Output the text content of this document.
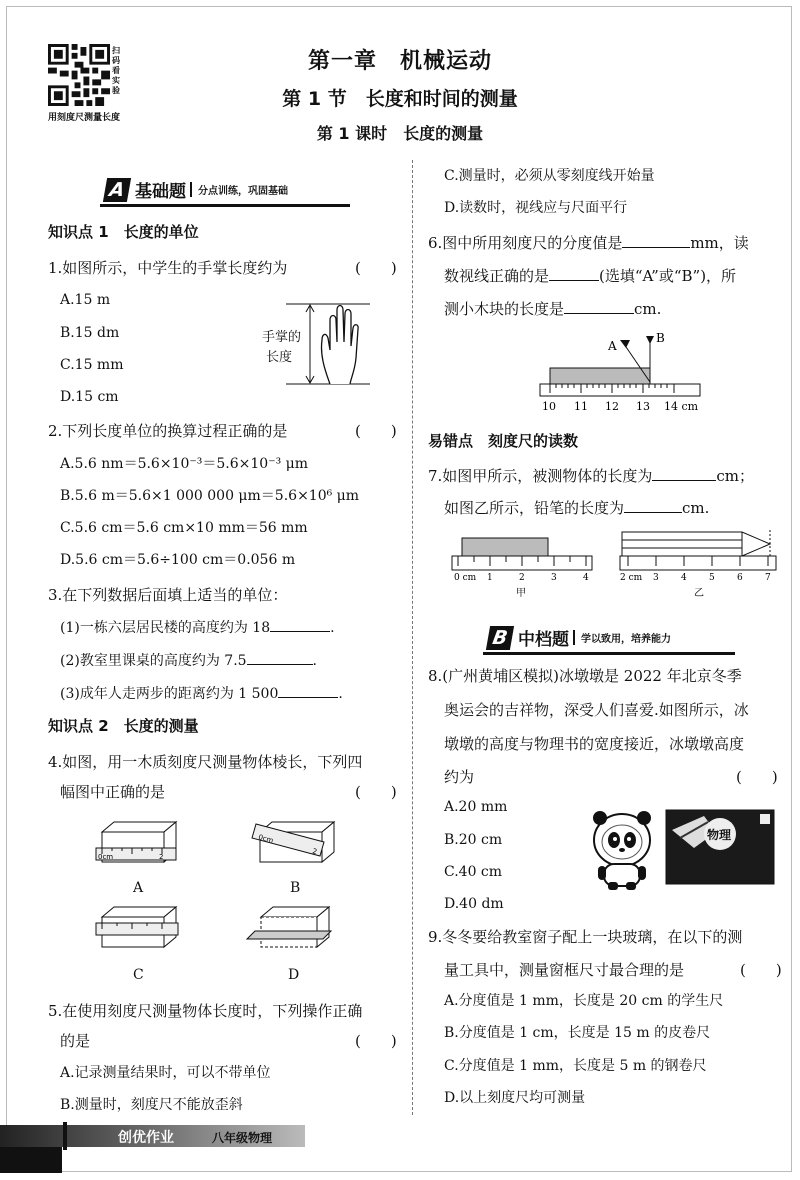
扫码看实验
用刻度尺测量长度
第一章　机械运动
第 1 节　长度和时间的测量
第 1 课时　长度的测量
A 基础题	分点训练，巩固基础
知识点 1　长度的单位
1.如图所示，中学生的手掌长度约为	(　　)
A.15 m
B.15 dm
C.15 mm
D.15 cm
手掌的
长度
2.下列长度单位的换算过程正确的是	(　　)
A.5.6 nm＝5.6×10⁻³＝5.6×10⁻³ μm
B.5.6 m＝5.6×1 000 000 μm＝5.6×10⁶ μm
C.5.6 cm＝5.6 cm×10 mm＝56 mm
D.5.6 cm＝5.6÷100 cm＝0.056 m
3.在下列数据后面填上适当的单位：
(1)一栋六层居民楼的高度约为 18	.
(2)教室里课桌的高度约为 7.5	.
(3)成年人走两步的距离约为 1 500	.
知识点 2　长度的测量
4.如图，用一木质刻度尺测量物体棱长，下列四
幅图中正确的是	(　　)
0cm	2
A
0cm
2
B
C	D
5.在使用刻度尺测量物体长度时，下列操作正确
的是	(　　)
A.记录测量结果时，可以不带单位
B.测量时，刻度尺不能放歪斜
C.测量时，必须从零刻度线开始量
D.读数时，视线应与尺面平行
6.图中所用刻度尺的分度值是	mm，读
数视线正确的是	(选填“A”或“B”)，所
测小木块的长度是	cm.
A
B
10 11 12 13 14 cm
易错点　刻度尺的读数
7.如图甲所示，被测物体的长度为	cm；
如图乙所示，铅笔的长度为	cm.
0 cm 1	2	3	4
甲
2 cm 3 4 5 6 7
乙
B 中档题	学以致用，培养能力
8.(广州黄埔区模拟)冰墩墩是 2022 年北京冬季
奥运会的吉祥物，深受人们喜爱.如图所示，冰
墩墩的高度与物理书的宽度接近，冰墩墩高度
约为	(　　)
A.20 mm
B.20 cm
C.40 cm
D.40 dm
物理
9.冬冬要给教室窗子配上一块玻璃，在以下的测
量工具中，测量窗框尺寸最合理的是	(　　)
A.分度值是 1 mm，长度是 20 cm 的学生尺
B.分度值是 1 cm，长度是 15 m 的皮卷尺
C.分度值是 1 mm，长度是 5 m 的钢卷尺
D.以上刻度尺均可测量
创优作业	八年级物理
